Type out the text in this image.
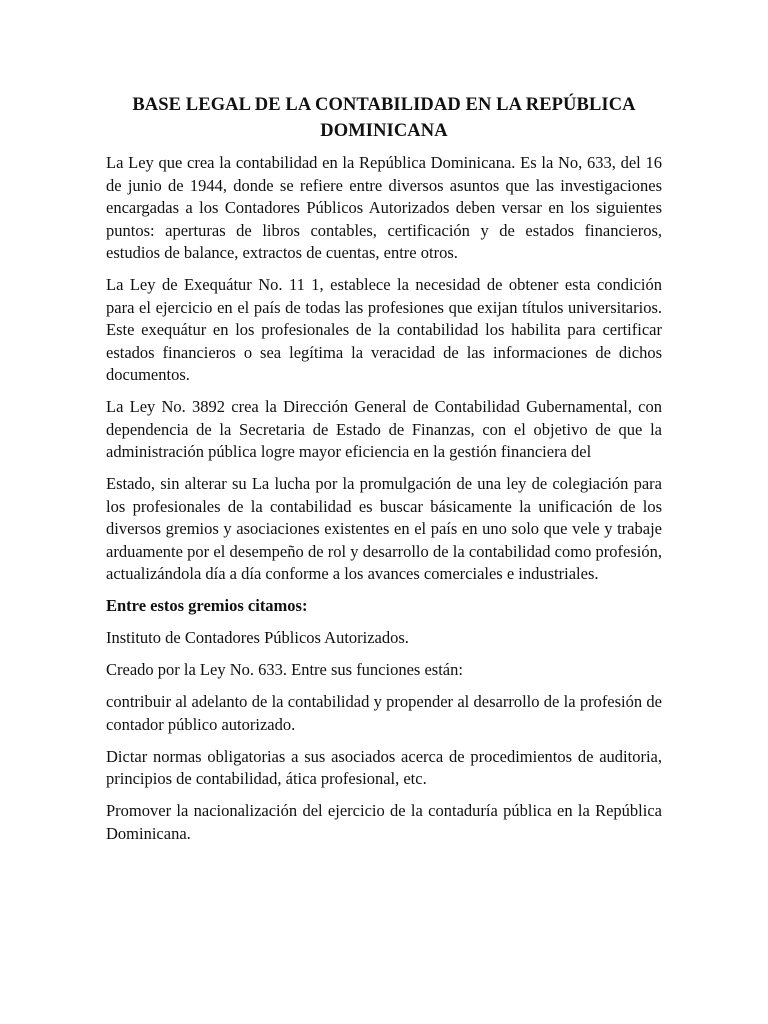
BASE LEGAL DE LA CONTABILIDAD EN LA REPÚBLICA DOMINICANA

La Ley que crea la contabilidad en la República Dominicana. Es la No, 633, del 16 de junio de 1944, donde se refiere entre diversos asuntos que las investigaciones encargadas a los Contadores Públicos Autorizados deben versar en los siguientes puntos: aperturas de libros contables, certificación y de estados financieros, estudios de balance, extractos de cuentas, entre otros.

La Ley de Exequátur No. 11 1, establece la necesidad de obtener esta condición para el ejercicio en el país de todas las profesiones que exijan títulos universitarios. Este exequátur en los profesionales de la contabilidad los habilita para certificar estados financieros o sea legítima la veracidad de las informaciones de dichos documentos.

La Ley No. 3892 crea la Dirección General de Contabilidad Gubernamental, con dependencia de la Secretaria de Estado de Finanzas, con el objetivo de que la administración pública logre mayor eficiencia en la gestión financiera del

Estado, sin alterar su La lucha por la promulgación de una ley de colegiación para los profesionales de la contabilidad es buscar básicamente la unificación de los diversos gremios y asociaciones existentes en el país en uno solo que vele y trabaje arduamente por el desempeño de rol y desarrollo de la contabilidad como profesión, actualizándola día a día conforme a los avances comerciales e industriales.

Entre estos gremios citamos:

Instituto de Contadores Públicos Autorizados.

Creado por la Ley No. 633. Entre sus funciones están:

contribuir al adelanto de la contabilidad y propender al desarrollo de la profesión de contador público autorizado.

Dictar normas obligatorias a sus asociados acerca de procedimientos de auditoria, principios de contabilidad, ática profesional, etc.

Promover la nacionalización del ejercicio de la contaduría pública en la República Dominicana.
